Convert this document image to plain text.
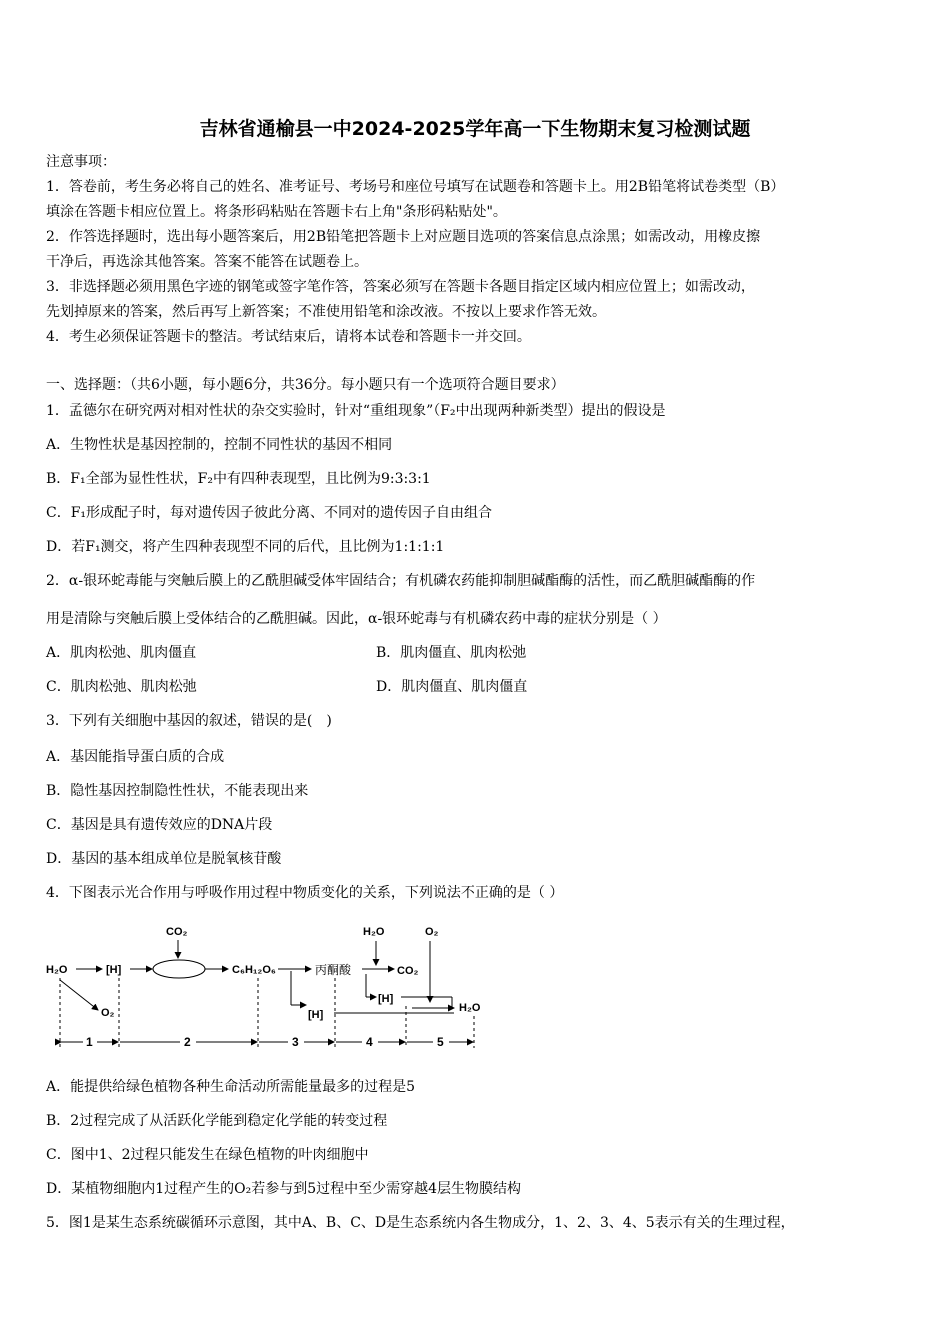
吉林省通榆县一中2024-2025学年高一下生物期末复习检测试题
注意事项：
1．答卷前，考生务必将自己的姓名、准考证号、考场号和座位号填写在试题卷和答题卡上。用2B铅笔将试卷类型（B）
填涂在答题卡相应位置上。将条形码粘贴在答题卡右上角"条形码粘贴处"。
2．作答选择题时，选出每小题答案后，用2B铅笔把答题卡上对应题目选项的答案信息点涂黑；如需改动，用橡皮擦
干净后，再选涂其他答案。答案不能答在试题卷上。
3．非选择题必须用黑色字迹的钢笔或签字笔作答，答案必须写在答题卡各题目指定区域内相应位置上；如需改动，
先划掉原来的答案，然后再写上新答案；不准使用铅笔和涂改液。不按以上要求作答无效。
4．考生必须保证答题卡的整洁。考试结束后，请将本试卷和答题卡一并交回。
一、选择题：（共6小题，每小题6分，共36分。每小题只有一个选项符合题目要求）
1．孟德尔在研究两对相对性状的杂交实验时，针对“重组现象”（F₂中出现两种新类型）提出的假设是
A．生物性状是基因控制的，控制不同性状的基因不相同
B．F₁全部为显性性状，F₂中有四种表现型，且比例为9:3:3:1
C．F₁形成配子时，每对遗传因子彼此分离、不同对的遗传因子自由组合
D．若F₁测交，将产生四种表现型不同的后代，且比例为1:1:1:1
2．α-银环蛇毒能与突触后膜上的乙酰胆碱受体牢固结合；有机磷农药能抑制胆碱酯酶的活性，而乙酰胆碱酯酶的作
用是清除与突触后膜上受体结合的乙酰胆碱。因此，α-银环蛇毒与有机磷农药中毒的症状分别是（ ）
A．肌肉松弛、肌肉僵直	B．肌肉僵直、肌肉松弛
C．肌肉松弛、肌肉松弛	D．肌肉僵直、肌肉僵直
3．下列有关细胞中基因的叙述，错误的是(　)
A．基因能指导蛋白质的合成
B．隐性基因控制隐性性状，不能表现出来
C．基因是具有遗传效应的DNA片段
D．基因的基本组成单位是脱氧核苷酸
4．下图表示光合作用与呼吸作用过程中物质变化的关系，下列说法不正确的是（ ）
H₂O	[H]
CO₂
C₆H₁₂O₆
O₂
丙酮酸
H₂O
CO₂
O₂
[H]
[H]
H₂O
1	2	3	4	5
A．能提供给绿色植物各种生命活动所需能量最多的过程是5
B．2过程完成了从活跃化学能到稳定化学能的转变过程
C．图中1、2过程只能发生在绿色植物的叶肉细胞中
D．某植物细胞内1过程产生的O₂若参与到5过程中至少需穿越4层生物膜结构
5．图1是某生态系统碳循环示意图，其中A、B、C、D是生态系统内各生物成分，1、2、3、4、5表示有关的生理过程，
